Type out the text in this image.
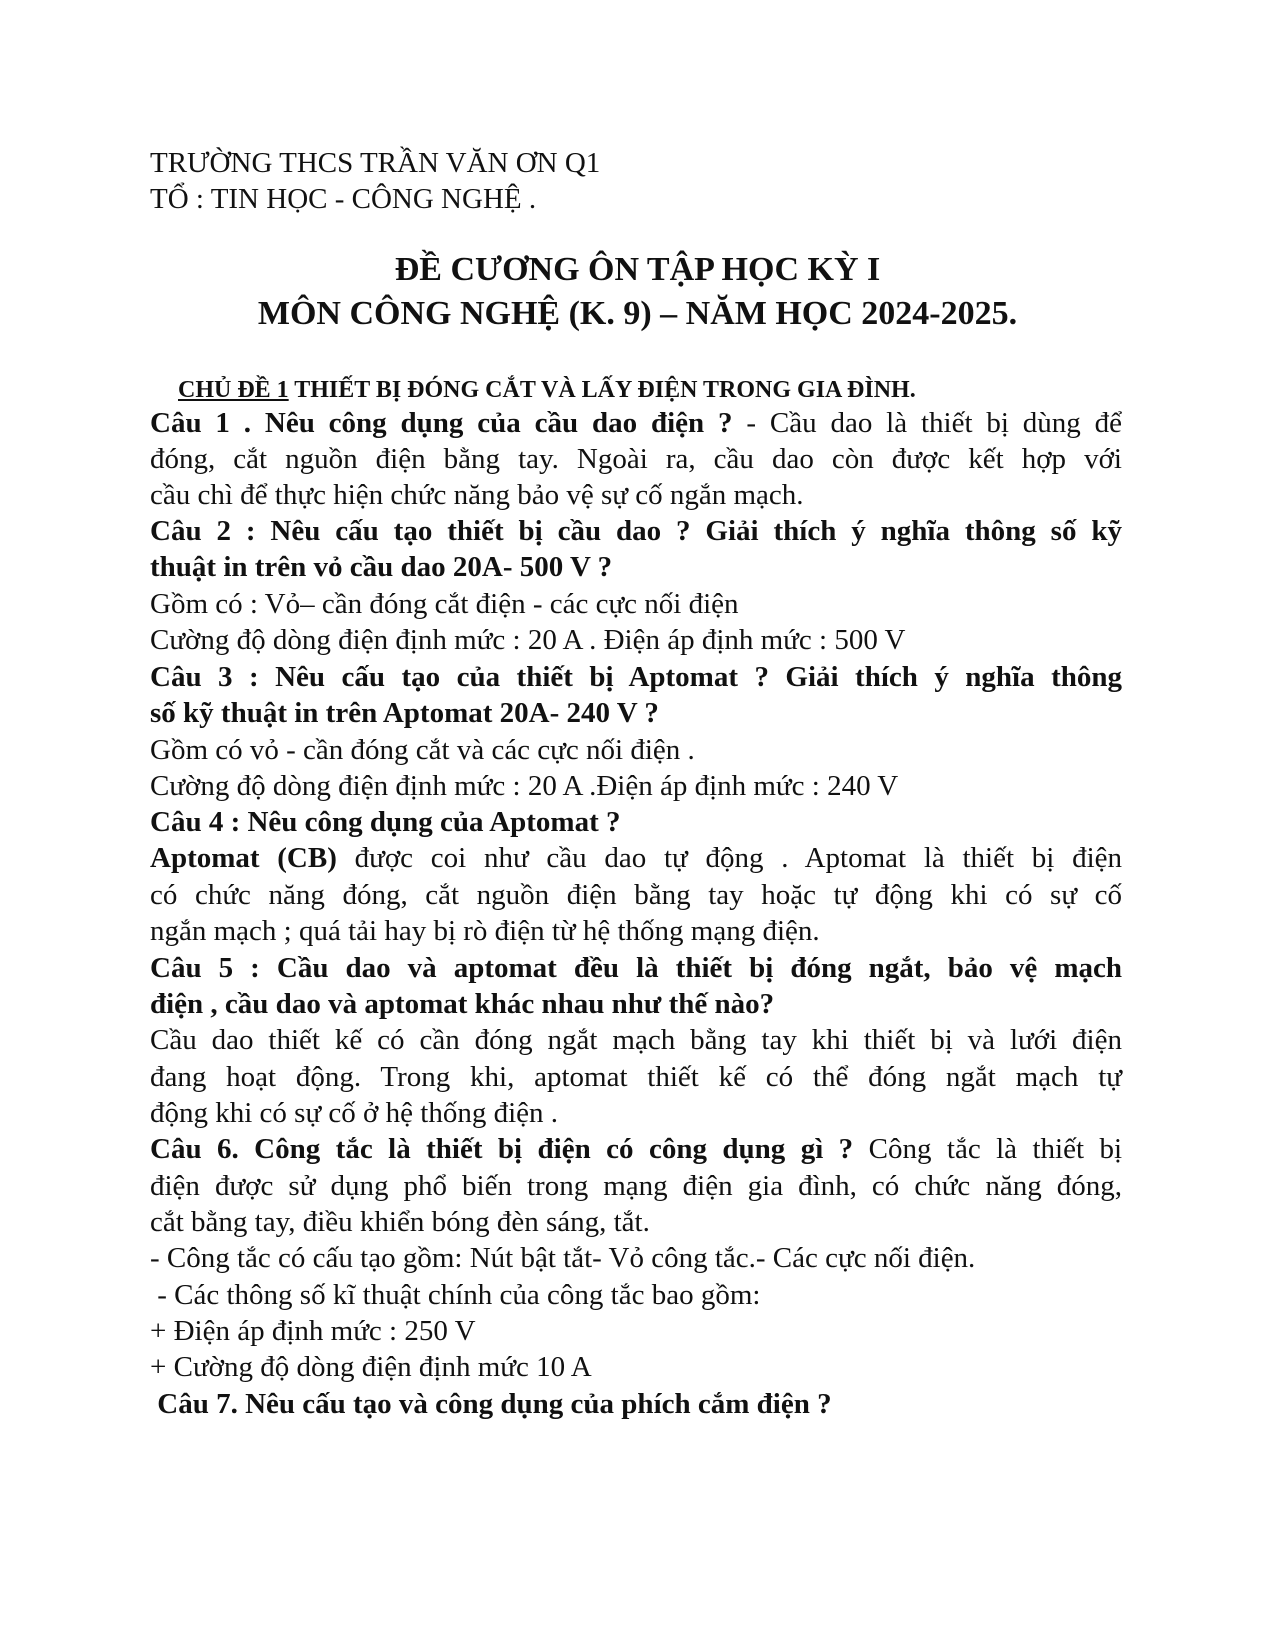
TRƯỜNG THCS TRẦN VĂN ƠN Q1
TỔ : TIN HỌC - CÔNG NGHỆ .
ĐỀ CƯƠNG ÔN TẬP HỌC KỲ I
MÔN CÔNG NGHỆ (K. 9) – NĂM HỌC 2024-2025.
CHỦ ĐỀ 1 THIẾT BỊ ĐÓNG CẮT VÀ LẤY ĐIỆN TRONG GIA ĐÌNH.
Câu 1 . Nêu công dụng của cầu dao điện ? - Cầu dao là thiết bị dùng để
đóng, cắt nguồn điện bằng tay. Ngoài ra, cầu dao còn được kết hợp với
cầu chì để thực hiện chức năng bảo vệ sự cố ngắn mạch.
Câu 2 : Nêu cấu tạo thiết bị cầu dao ? Giải thích ý nghĩa thông số kỹ
thuật in trên vỏ cầu dao 20A- 500 V ?
Gồm có : Vỏ– cần đóng cắt điện - các cực nối điện
Cường độ dòng điện định mức : 20 A . Điện áp định mức : 500 V
Câu 3 : Nêu cấu tạo của thiết bị Aptomat ? Giải thích ý nghĩa thông
số kỹ thuật in trên Aptomat 20A- 240 V ?
Gồm có vỏ - cần đóng cắt và các cực nối điện .
Cường độ dòng điện định mức : 20 A .Điện áp định mức : 240 V
Câu 4 : Nêu công dụng của Aptomat ?
Aptomat (CB) được coi như cầu dao tự động . Aptomat là thiết bị điện
có chức năng đóng, cắt nguồn điện bằng tay hoặc tự động khi có sự cố
ngắn mạch ; quá tải hay bị rò điện từ hệ thống mạng điện.
Câu 5 : Cầu dao và aptomat đều là thiết bị đóng ngắt, bảo vệ mạch
điện , cầu dao và aptomat khác nhau như thế nào?
Cầu dao thiết kế có cần đóng ngắt mạch bằng tay khi thiết bị và lưới điện
đang hoạt động. Trong khi, aptomat thiết kế có thể đóng ngắt mạch tự
động khi có sự cố ở hệ thống điện .
Câu 6. Công tắc là thiết bị điện có công dụng gì ? Công tắc là thiết bị
điện được sử dụng phổ biến trong mạng điện gia đình, có chức năng đóng,
cắt bằng tay, điều khiển bóng đèn sáng, tắt.
- Công tắc có cấu tạo gồm: Nút bật tắt- Vỏ công tắc.- Các cực nối điện.
- Các thông số kĩ thuật chính của công tắc bao gồm:
+ Điện áp định mức : 250 V
+ Cường độ dòng điện định mức 10 A
Câu 7. Nêu cấu tạo và công dụng của phích cắm điện ?
